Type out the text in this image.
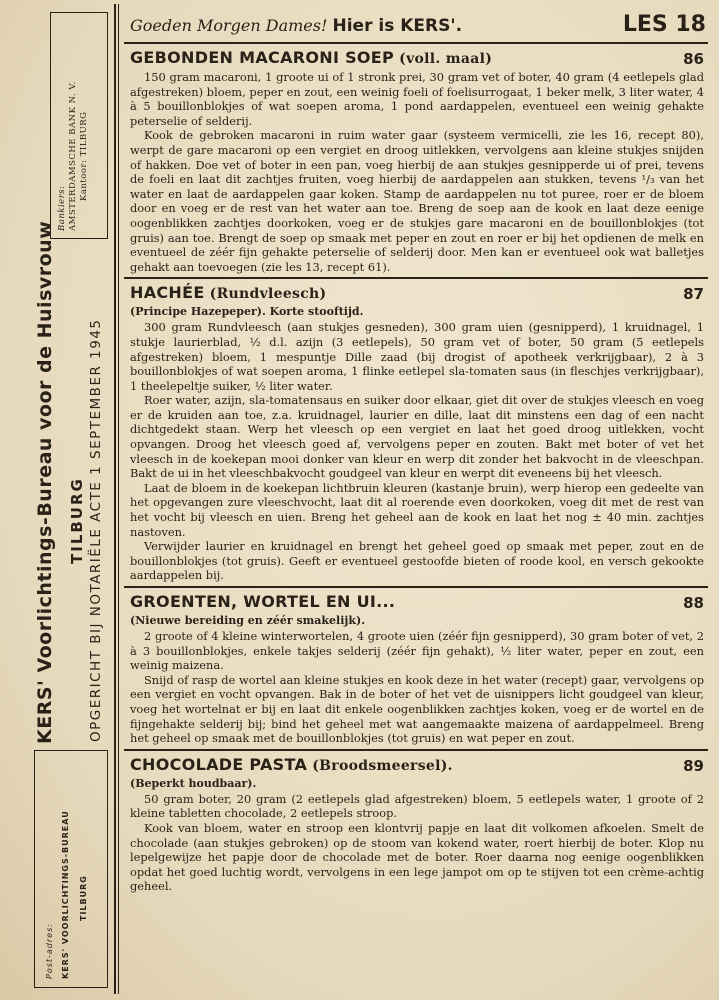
Bankiers: AMSTERDAMSCHE BANK N. V. Kantoor: TILBURG
KERS' Voorlichtings-Bureau voor de Huisvrouw TILBURG OPGERICHT BIJ NOTARIËLE ACTE 1 SEPTEMBER 1945
Post-adres: KERS' VOORLICHTINGS-BUREAU TILBURG
Goeden Morgen Dames! Hier is KERS'.	LES 18
GEBONDEN MACARONI SOEP (voll. maal)	86

150 gram macaroni, 1 groote ui of 1 stronk prei, 30 gram vet of boter, 40 gram (4 eetlepels glad afgestreken) bloem, peper en zout, een weinig foeli of foelisurrogaat, 1 beker melk, 3 liter water, 4 à 5 bouillonblokjes of wat soepen aroma, 1 pond aardappelen, eventueel een weinig gehakte peterselie of selderij.

Kook de gebroken macaroni in ruim water gaar (systeem vermicelli, zie les 16, recept 80), werpt de gare macaroni op een vergiet en droog uitlekken, vervolgens aan kleine stukjes snijden of hakken. Doe vet of boter in een pan, voeg hierbij de aan stukjes gesnipperde ui of prei, tevens de foeli en laat dit zachtjes fruiten, voeg hierbij de aardappelen aan stukken, tevens ¹/₃ van het water en laat de aardappelen gaar koken. Stamp de aardappelen nu tot puree, roer er de bloem door en voeg er de rest van het water aan toe. Breng de soep aan de kook en laat deze eenige oogenblikken zachtjes doorkoken, voeg er de stukjes gare macaroni en de bouillonblokjes (tot gruis) aan toe. Brengt de soep op smaak met peper en zout en roer er bij het opdienen de melk en eventueel de zéér fijn gehakte peterselie of selderij door. Men kan er eventueel ook wat balletjes gehakt aan toevoegen (zie les 13, recept 61).

HACHÉE (Rundvleesch)	87
(Principe Hazepeper). Korte stooftijd.

300 gram Rundvleesch (aan stukjes gesneden), 300 gram uien (gesnipperd), 1 kruidnagel, 1 stukje laurierblad, ½ d.l. azijn (3 eetlepels), 50 gram vet of boter, 50 gram (5 eetlepels afgestreken) bloem, 1 mespuntje Dille zaad (bij drogist of apotheek verkrijgbaar), 2 à 3 bouillonblokjes of wat soepen aroma, 1 flinke eetlepel sla-tomaten saus (in fleschjes verkrijgbaar), 1 theelepeltje suiker, ½ liter water.

Roer water, azijn, sla-tomatensaus en suiker door elkaar, giet dit over de stukjes vleesch en voeg er de kruiden aan toe, z.a. kruidnagel, laurier en dille, laat dit minstens een dag of een nacht dichtgedekt staan. Werp het vleesch op een vergiet en laat het goed droog uitlekken, vocht opvangen. Droog het vleesch goed af, vervolgens peper en zouten. Bakt met boter of vet het vleesch in de koekepan mooi donker van kleur en werp dit zonder het bakvocht in de vleeschpan. Bakt de ui in het vleeschbakvocht goudgeel van kleur en werpt dit eveneens bij het vleesch.

Laat de bloem in de koekepan lichtbruin kleuren (kastanje bruin), werp hierop een gedeelte van het opgevangen zure vleeschvocht, laat dit al roerende even doorkoken, voeg dit met de rest van het vocht bij vleesch en uien. Breng het geheel aan de kook en laat het nog ± 40 min. zachtjes nastoven.

Verwijder laurier en kruidnagel en brengt het geheel goed op smaak met peper, zout en de bouillonblokjes (tot gruis). Geeft er eventueel gestoofde bieten of roode kool, en versch gekookte aardappelen bij.

GROENTEN, WORTEL EN UI...	88
(Nieuwe bereiding en zéér smakelijk).

2 groote of 4 kleine winterwortelen, 4 groote uien (zéér fijn gesnipperd), 30 gram boter of vet, 2 à 3 bouillonblokjes, enkele takjes selderij (zéér fijn gehakt), ½ liter water, peper en zout, een weinig maizena.

Snijd of rasp de wortel aan kleine stukjes en kook deze in het water (recept) gaar, vervolgens op een vergiet en vocht opvangen. Bak in de boter of het vet de uisnippers licht goudgeel van kleur, voeg het wortelnat er bij en laat dit enkele oogenblikken zachtjes koken, voeg er de wortel en de fijngehakte selderij bij; bind het geheel met wat aangemaakte maizena of aardappelmeel. Breng het geheel op smaak met de bouillonblokjes (tot gruis) en wat peper en zout.

CHOCOLADE PASTA (Broodsmeersel).	89
(Beperkt houdbaar).

50 gram boter, 20 gram (2 eetlepels glad afgestreken) bloem, 5 eetlepels water, 1 groote of 2 kleine tabletten chocolade, 2 eetlepels stroop.

Kook van bloem, water en stroop een klontvrij papje en laat dit volkomen afkoelen. Smelt de chocolade (aan stukjes gebroken) op de stoom van kokend water, roert hierbij de boter. Klop nu lepelgewijze het papje door de chocolade met de boter. Roer daarna nog eenige oogenblikken opdat het goed luchtig wordt, vervolgens in een lege jampot om op te stijven tot een crème-achtig geheel.
